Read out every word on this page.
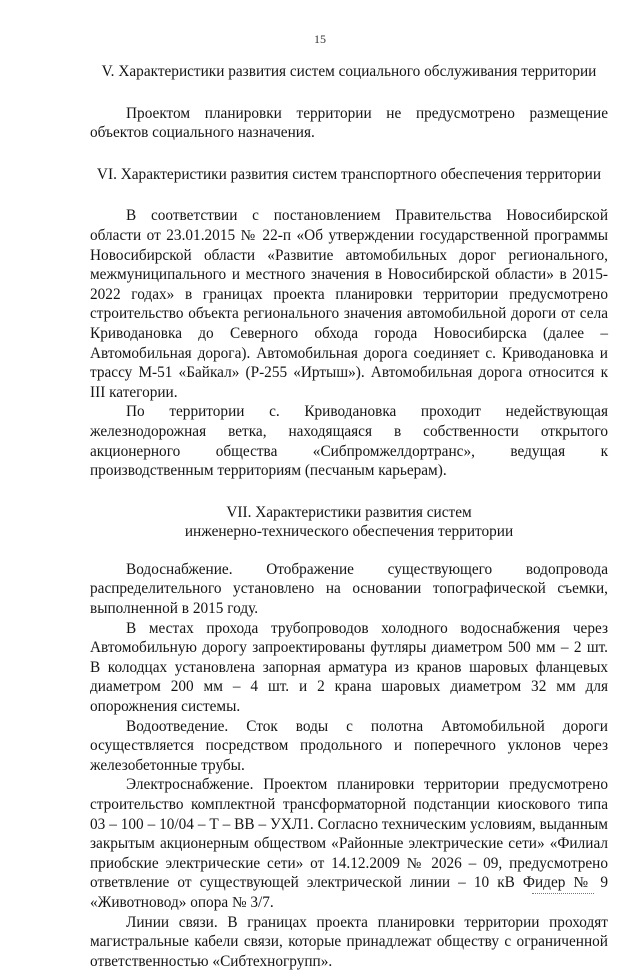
15

V. Характеристики развития систем социального обслуживания территории

Проектом планировки территории не предусмотрено размещение объектов социального назначения.

VI. Характеристики развития систем транспортного обеспечения территории

В соответствии с постановлением Правительства Новосибирской области от 23.01.2015 № 22-п «Об утверждении государственной программы Новосибирской области «Развитие автомобильных дорог регионального, межмуниципального и местного значения в Новосибирской области» в 2015-2022 годах» в границах проекта планировки территории предусмотрено строительство объекта регионального значения автомобильной дороги от села Криводановка до Северного обхода города Новосибирска (далее – Автомобильная дорога). Автомобильная дорога соединяет с. Криводановка и трассу М-51 «Байкал» (Р-255 «Иртыш»). Автомобильная дорога относится к III категории.

По территории с. Криводановка проходит недействующая железнодорожная ветка, находящаяся в собственности открытого акционерного общества «Сибпромжелдортранс», ведущая к производственным территориям (песчаным карьерам).

VII. Характеристики развития систем
инженерно-технического обеспечения территории

Водоснабжение. Отображение существующего водопровода распределительного установлено на основании топографической съемки, выполненной в 2015 году.

В местах прохода трубопроводов холодного водоснабжения через Автомобильную дорогу запроектированы футляры диаметром 500 мм – 2 шт. В колодцах установлена запорная арматура из кранов шаровых фланцевых диаметром 200 мм – 4 шт. и 2 крана шаровых диаметром 32 мм для опорожнения системы.

Водоотведение. Сток воды с полотна Автомобильной дороги осуществляется посредством продольного и поперечного уклонов через железобетонные трубы.

Электроснабжение. Проектом планировки территории предусмотрено строительство комплектной трансформаторной подстанции киоскового типа 03 – 100 – 10/04 – Т – ВВ – УХЛ1. Согласно техническим условиям, выданным закрытым акционерным обществом «Районные электрические сети» «Филиал приобские электрические сети» от 14.12.2009 № 2026 – 09, предусмотрено ответвление от существующей электрической линии – 10 кВ Фидер № 9 «Животновод» опора № 3/7.

Линии связи. В границах проекта планировки территории проходят магистральные кабели связи, которые принадлежат обществу с ограниченной ответственностью «Сибтехногрупп».
